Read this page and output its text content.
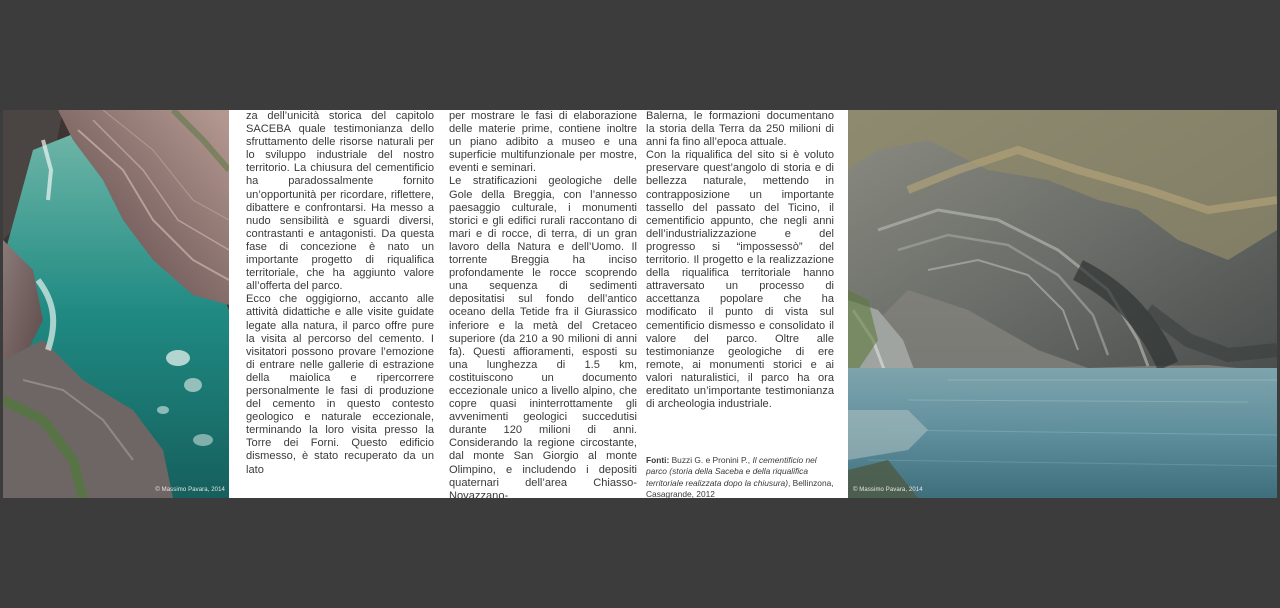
© Massimo Pavara, 2014

za dell’unicità storica del capitolo SACEBA quale testimonianza dello sfruttamento delle risorse naturali per lo sviluppo industriale del nostro territorio. La chiusura del cementificio ha paradossalmente fornito un’opportunità per ricordare, riflettere, dibattere e confrontarsi. Ha messo a nudo sensibilità e sguardi diversi, contrastanti e antagonisti. Da questa fase di concezione è nato un importante progetto di riqualifica territoriale, che ha aggiunto valore all’offerta del parco.

Ecco che oggigiorno, accanto alle attività didattiche e alle visite guidate legate alla natura, il parco offre pure la visita al percorso del cemento. I visitatori possono provare l’emozione di entrare nelle gallerie di estrazione della maiolica e ripercorrere personalmente le fasi di produzione del cemento in questo contesto geologico e naturale eccezionale, terminando la loro visita presso la Torre dei Forni. Questo edificio dismesso, è stato recuperato da un lato

per mostrare le fasi di elaborazione delle materie prime, contiene inoltre un piano adibito a museo e una superficie multifunzionale per mostre, eventi e seminari.

Le stratificazioni geologiche delle Gole della Breggia, con l’annesso paesaggio culturale, i monumenti storici e gli edifici rurali raccontano di mari e di rocce, di terra, di un gran lavoro della Natura e dell’Uomo. Il torrente Breggia ha inciso profondamente le rocce scoprendo una sequenza di sedimenti depositatisi sul fondo dell’antico oceano della Tetide fra il Giurassico inferiore e la metà del Cretaceo superiore (da 210 a 90 milioni di anni fa). Questi affioramenti, esposti su una lunghezza di 1.5 km, costituiscono un documento eccezionale unico a livello alpino, che copre quasi ininterrottamente gli avvenimenti geologici succedutisi durante 120 milioni di anni. Considerando la regione circostante, dal monte San Giorgio al monte Olimpino, e includendo i depositi quaternari dell’area Chiasso-Novazzano-

Balerna, le formazioni documentano la storia della Terra da 250 milioni di anni fa fino all’epoca attuale.

Con la riqualifica del sito si è voluto preservare quest’angolo di storia e di bellezza naturale, mettendo in contrapposizione un importante tassello del passato del Ticino, il cementificio appunto, che negli anni dell’industrializzazione e del progresso si “impossessò” del territorio. Il progetto e la realizzazione della riqualifica territoriale hanno attraversato un processo di accettanza popolare che ha modificato il punto di vista sul cementificio dismesso e consolidato il valore del parco. Oltre alle testimonianze geologiche di ere remote, ai monumenti storici e ai valori naturalistici, il parco ha ora ereditato un’importante testimonianza di archeologia industriale.

Fonti: Buzzi G. e Pronini P., Il cementificio nel parco (storia della Saceba e della riqualifica territoriale realizzata dopo la chiusura), Bellinzona, Casagrande, 2012	© Massimo Pavara, 2014
